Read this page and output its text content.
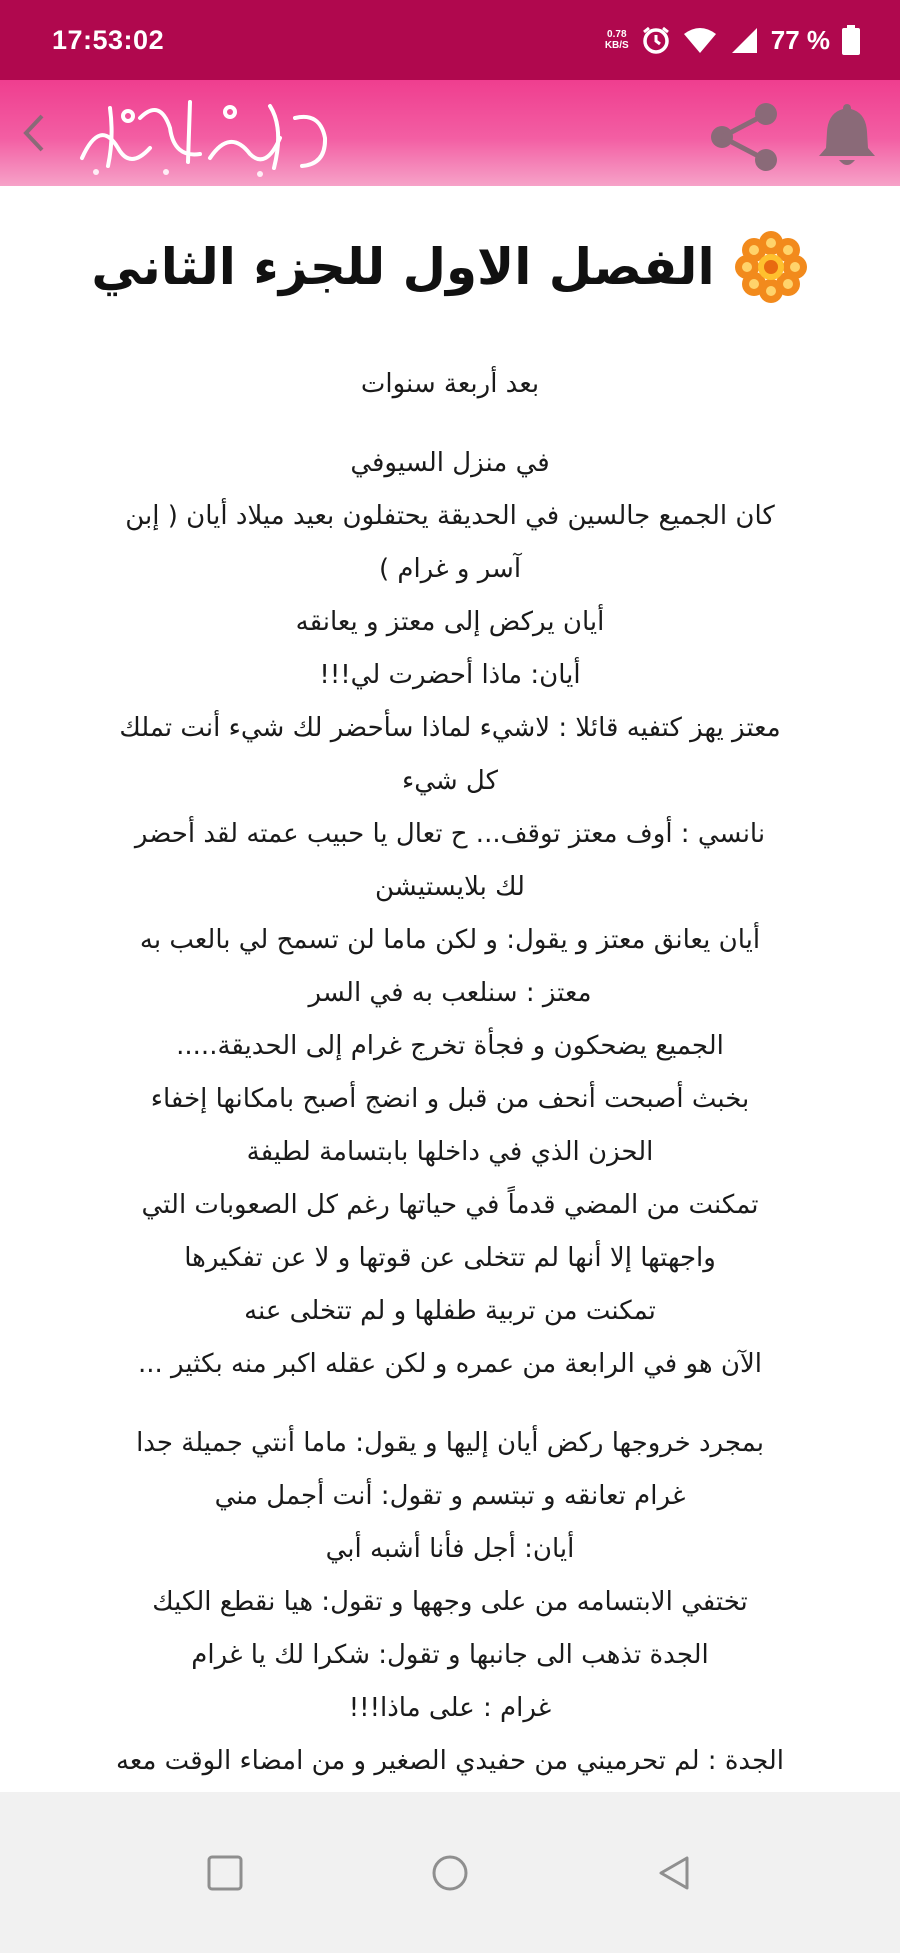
17:53:02	0.78
KB/S	77 %
الفصل الاول للجزء الثاني

بعد أربعة سنوات

في منزل السيوفي

كان الجميع جالسين في الحديقة يحتفلون بعيد ميلاد أيان ( إبن

آسر و غرام )

أيان يركض إلى معتز و يعانقه

أيان: ماذا أحضرت لي!!!

معتز يهز كتفيه قائلا : لاشيء لماذا سأحضر لك شيء أنت تملك

كل شيء

نانسي : أوف معتز توقف... ح تعال يا حبيب عمته لقد أحضر

لك بلايستيشن

أيان يعانق معتز و يقول: و لكن ماما لن تسمح لي بالعب به

معتز : سنلعب به في السر

الجميع يضحكون و فجأة تخرج غرام إلى الحديقة.....

بخبث أصبحت أنحف من قبل و انضج أصبح بامكانها إخفاء

الحزن الذي في داخلها بابتسامة لطيفة

تمكنت من المضي قدماً في حياتها رغم كل الصعوبات التي

واجهتها إلا أنها لم تتخلى عن قوتها و لا عن تفكيرها

تمكنت من تربية طفلها و لم تتخلى عنه

الآن هو في الرابعة من عمره و لكن عقله اكبر منه بكثير ...

بمجرد خروجها ركض أيان إليها و يقول: ماما أنتي جميلة جدا

غرام تعانقه و تبتسم و تقول: أنت أجمل مني

أيان: أجل فأنا أشبه أبي

تختفي الابتسامه من على وجهها و تقول: هيا نقطع الكيك

الجدة تذهب الى جانبها و تقول: شكرا لك يا غرام

غرام : على ماذا!!!

الجدة : لم تحرميني من حفيدي الصغير و من امضاء الوقت معه
